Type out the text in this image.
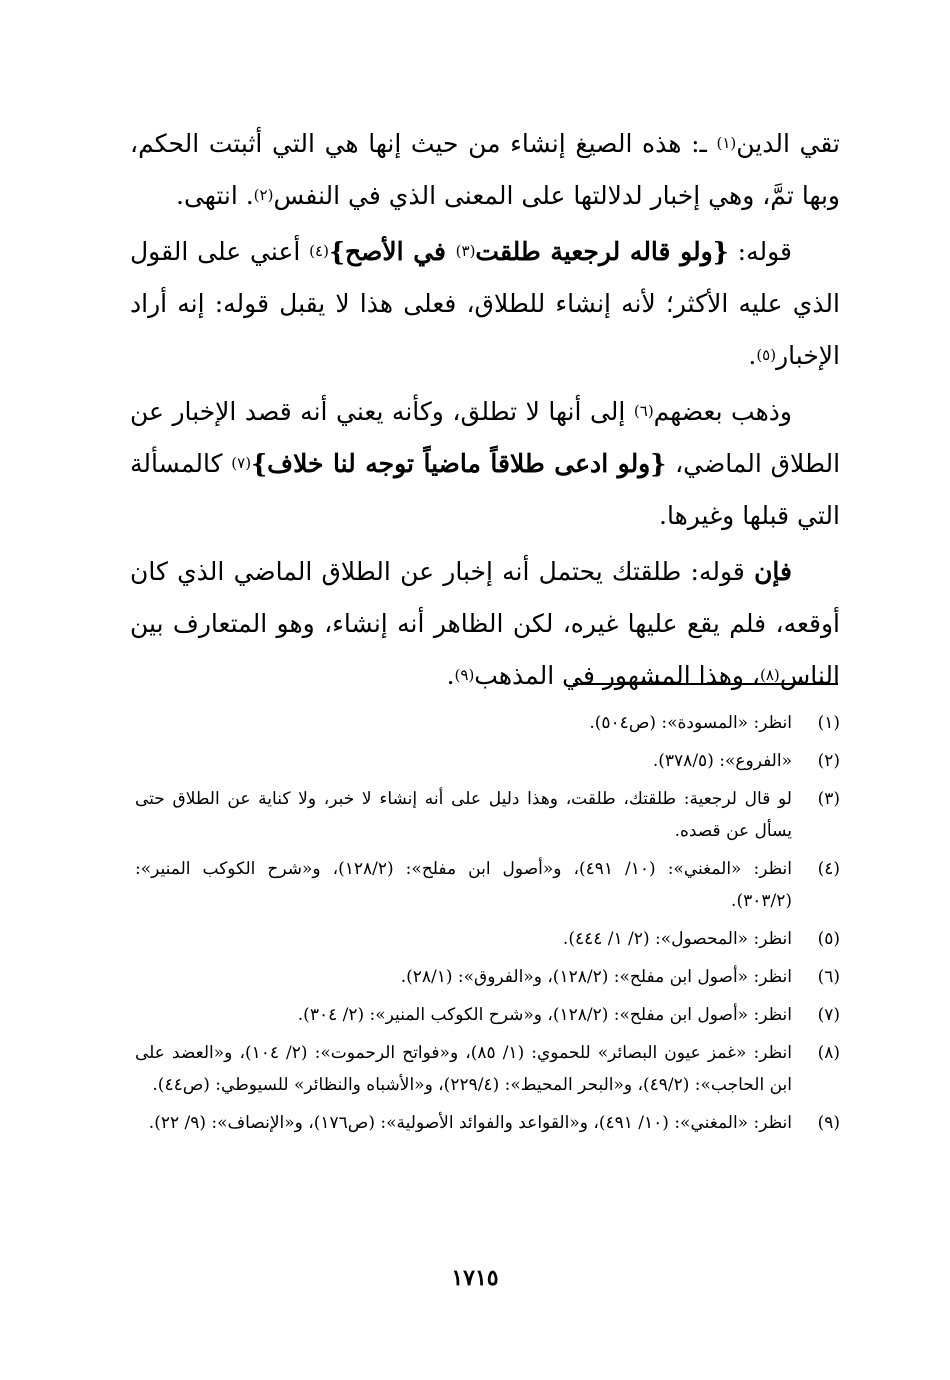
تقي الدين$^{(١)}$ ـ: هذه الصيغ إنشاء من حيث إنها هي التي أثبتت الحكم، وبها تمَّ، وهي إخبار لدلالتها على المعنى الذي في النفس$^{(٢)}$. انتهى.

قوله: {ولو قاله لرجعية طلقت$^{(٣)}$ في الأصح}$^{(٤)}$ أعني على القول الذي عليه الأكثر؛ لأنه إنشاء للطلاق، فعلى هذا لا يقبل قوله: إنه أراد الإخبار$^{(٥)}$.

وذهب بعضهم$^{(٦)}$ إلى أنها لا تطلق، وكأنه يعني أنه قصد الإخبار عن الطلاق الماضي، {ولو ادعى طلاقاً ماضياً توجه لنا خلاف}$^{(٧)}$ كالمسألة التي قبلها وغيرها.

فإن قوله: طلقتك يحتمل أنه إخبار عن الطلاق الماضي الذي كان أوقعه، فلم يقع عليها غيره، لكن الظاهر أنه إنشاء، وهو المتعارف بين الناس$^{(٨)}$، وهذا المشهور في المذهب$^{(٩)}$.

(١)
انظر: «المسودة»: (ص٥٠٤).
(٢)
«الفروع»: (٣٧٨/٥).
(٣)
لو قال لرجعية: طلقتك، طلقت، وهذا دليل على أنه إنشاء لا خبر، ولا كناية عن الطلاق حتى يسأل عن قصده.
(٤)
انظر: «المغني»: (١٠/ ٤٩١)، و«أصول ابن مفلح»: (١٢٨/٢)، و«شرح الكوكب المنير»: (٣٠٣/٢).
(٥)
انظر: «المحصول»: (٢/ ١/ ٤٤٤).
(٦)
انظر: «أصول ابن مفلح»: (١٢٨/٢)، و«الفروق»: (٢٨/١).
(٧)
انظر: «أصول ابن مفلح»: (١٢٨/٢)، و«شرح الكوكب المنير»: (٢/ ٣٠٤).
(٨)
انظر: «غمز عيون البصائر» للحموي: (١/ ٨٥)، و«فواتح الرحموت»: (٢/ ١٠٤)، و«العضد على ابن الحاجب»: (٤٩/٢)، و«البحر المحيط»: (٢٢٩/٤)، و«الأشباه والنظائر» للسيوطي: (ص٤٤).
(٩)
انظر: «المغني»: (١٠/ ٤٩١)، و«القواعد والفوائد الأصولية»: (ص١٧٦)، و«الإنصاف»: (٩/ ٢٢).
١٧١٥
